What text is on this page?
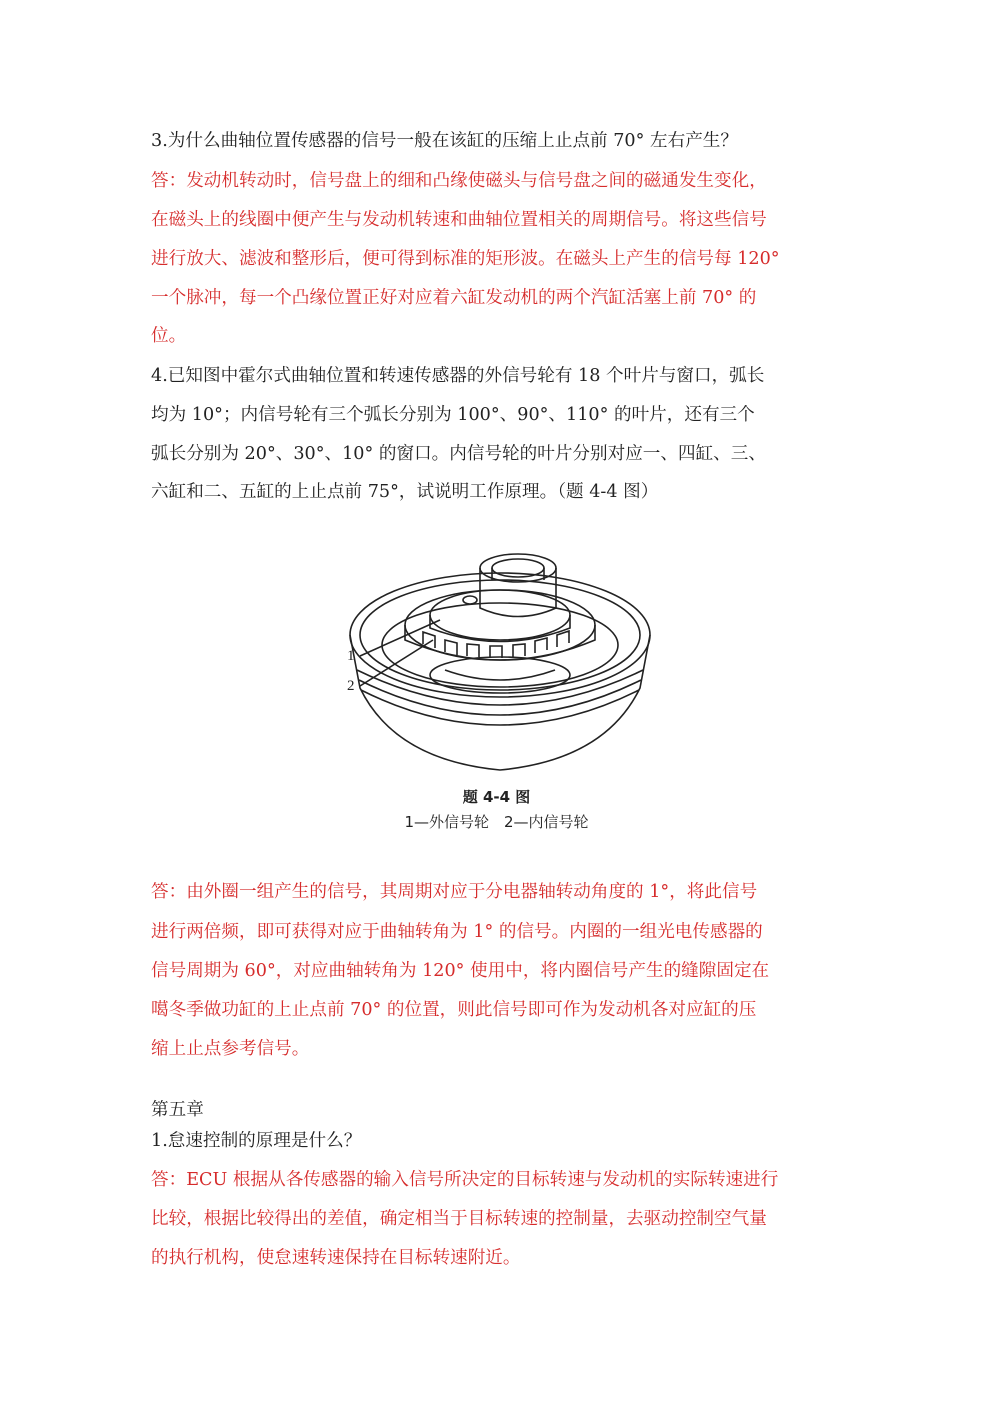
3.为什么曲轴位置传感器的信号一般在该缸的压缩上止点前 70° 左右产生？
答：发动机转动时，信号盘上的细和凸缘使磁头与信号盘之间的磁通发生变化，
在磁头上的线圈中便产生与发动机转速和曲轴位置相关的周期信号。将这些信号
进行放大、滤波和整形后，便可得到标准的矩形波。在磁头上产生的信号每 120°
一个脉冲，每一个凸缘位置正好对应着六缸发动机的两个汽缸活塞上前 70° 的
位。
4.已知图中霍尔式曲轴位置和转速传感器的外信号轮有 18 个叶片与窗口，弧长
均为 10°；内信号轮有三个弧长分别为 100°、90°、110° 的叶片，还有三个
弧长分别为 20°、30°、10° 的窗口。内信号轮的叶片分别对应一、四缸、三、
六缸和二、五缸的上止点前 75°，试说明工作原理。（题 4-4 图）
1
2
题 4-4 图
1—外信号轮　2—内信号轮
答：由外圈一组产生的信号，其周期对应于分电器轴转动角度的 1°，将此信号
进行两倍频，即可获得对应于曲轴转角为 1° 的信号。内圈的一组光电传感器的
信号周期为 60°，对应曲轴转角为 120° 使用中，将内圈信号产生的缝隙固定在
噶冬季做功缸的上止点前 70° 的位置，则此信号即可作为发动机各对应缸的压
缩上止点参考信号。
第五章
1.怠速控制的原理是什么？
答：ECU 根据从各传感器的输入信号所决定的目标转速与发动机的实际转速进行
比较，根据比较得出的差值，确定相当于目标转速的控制量，去驱动控制空气量
的执行机构，使怠速转速保持在目标转速附近。
